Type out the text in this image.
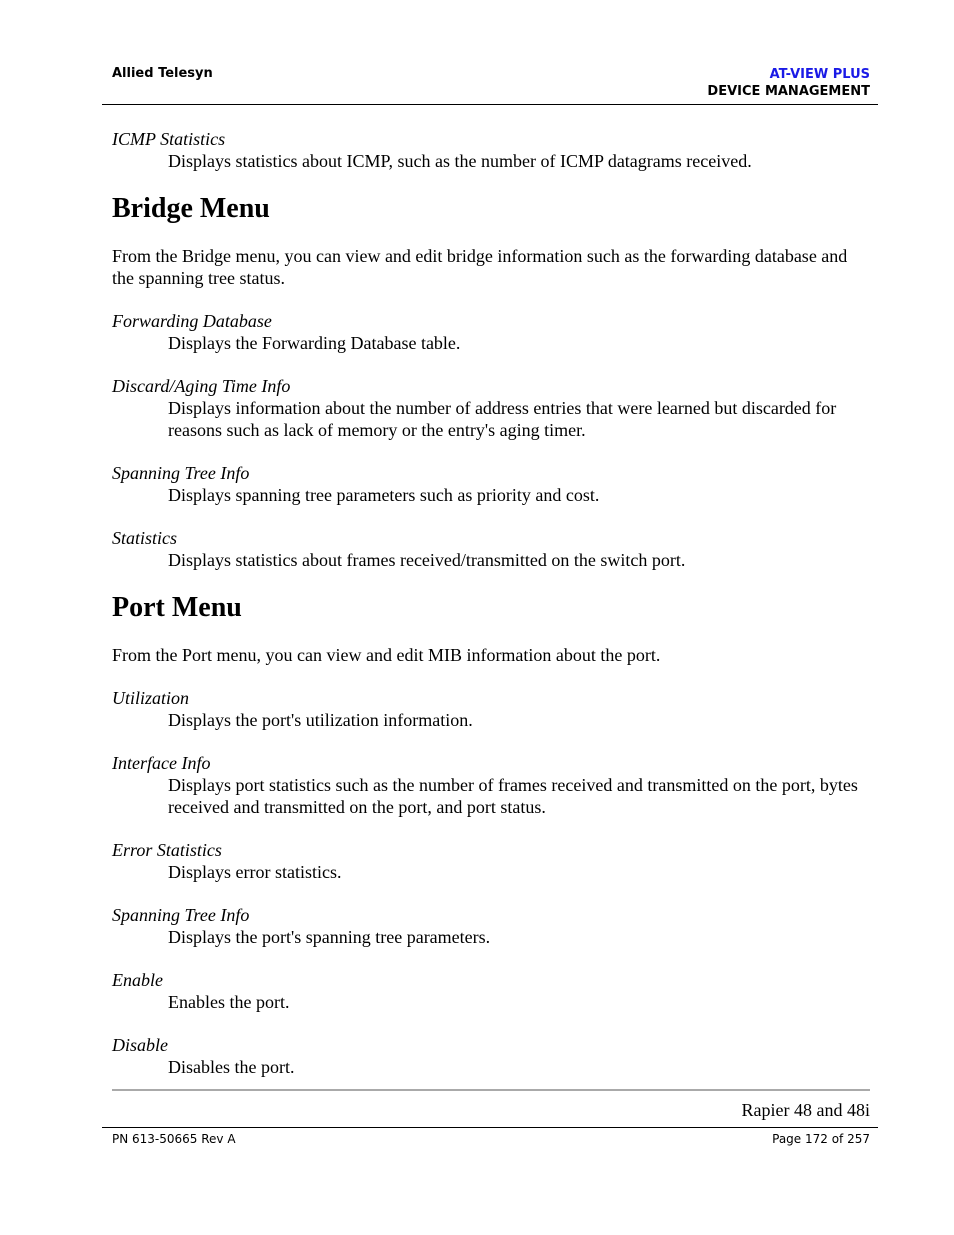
Allied Telesyn	AT-VIEW PLUS
DEVICE MANAGEMENT

ICMP Statistics

Displays statistics about ICMP, such as the number of ICMP datagrams received.

Bridge Menu

From the Bridge menu, you can view and edit bridge information such as the forwarding database and the spanning tree status.

Forwarding Database

Displays the Forwarding Database table.

Discard/Aging Time Info

Displays information about the number of address entries that were learned but discarded for reasons such as lack of memory or the entry's aging timer.

Spanning Tree Info

Displays spanning tree parameters such as priority and cost.

Statistics

Displays statistics about frames received/transmitted on the switch port.

Port Menu

From the Port menu, you can view and edit MIB information about the port.

Utilization

Displays the port's utilization information.

Interface Info

Displays port statistics such as the number of frames received and transmitted on the port, bytes received and transmitted on the port, and port status.

Error Statistics

Displays error statistics.

Spanning Tree Info

Displays the port's spanning tree parameters.

Enable

Enables the port.

Disable

Disables the port.

Rapier 48 and 48i
PN 613-50665 Rev A	Page 172 of 257
